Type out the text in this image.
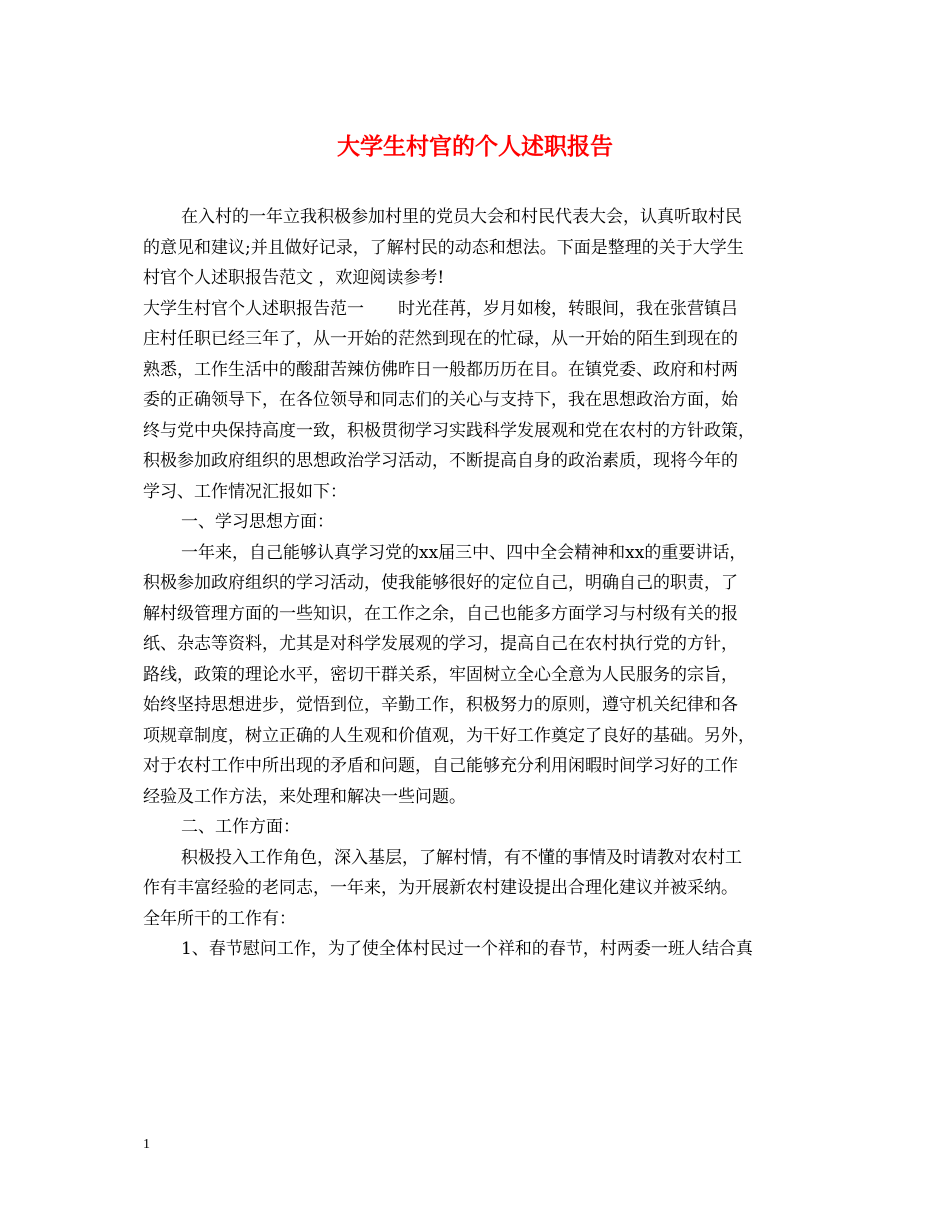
大学生村官的个人述职报告
在入村的一年立我积极参加村里的党员大会和村民代表大会，认真听取村民
的意见和建议;并且做好记录，了解村民的动态和想法。下面是整理的关于大学生
村官个人述职报告范文 ，欢迎阅读参考!
大学生村官个人述职报告范一 时光荏苒，岁月如梭，转眼间，我在张营镇吕
庄村任职已经三年了，从一开始的茫然到现在的忙碌，从一开始的陌生到现在的
熟悉，工作生活中的酸甜苦辣仿佛昨日一般都历历在目。在镇党委、政府和村两
委的正确领导下，在各位领导和同志们的关心与支持下，我在思想政治方面，始
终与党中央保持高度一致，积极贯彻学习实践科学发展观和党在农村的方针政策，
积极参加政府组织的思想政治学习活动，不断提高自身的政治素质，现将今年的
学习、工作情况汇报如下：
一、学习思想方面：
一年来，自己能够认真学习党的xx届三中、四中全会精神和xx的重要讲话，
积极参加政府组织的学习活动，使我能够很好的定位自己，明确自己的职责，了
解村级管理方面的一些知识，在工作之余，自己也能多方面学习与村级有关的报
纸、杂志等资料，尤其是对科学发展观的学习，提高自己在农村执行党的方针，
路线，政策的理论水平，密切干群关系，牢固树立全心全意为人民服务的宗旨，
始终坚持思想进步，觉悟到位，辛勤工作，积极努力的原则，遵守机关纪律和各
项规章制度，树立正确的人生观和价值观，为干好工作奠定了良好的基础。另外，
对于农村工作中所出现的矛盾和问题，自己能够充分利用闲暇时间学习好的工作
经验及工作方法，来处理和解决一些问题。
二、工作方面：
积极投入工作角色，深入基层，了解村情，有不懂的事情及时请教对农村工
作有丰富经验的老同志，一年来，为开展新农村建设提出合理化建议并被采纳。
全年所干的工作有：
1、春节慰问工作，为了使全体村民过一个祥和的春节，村两委一班人结合真
1
